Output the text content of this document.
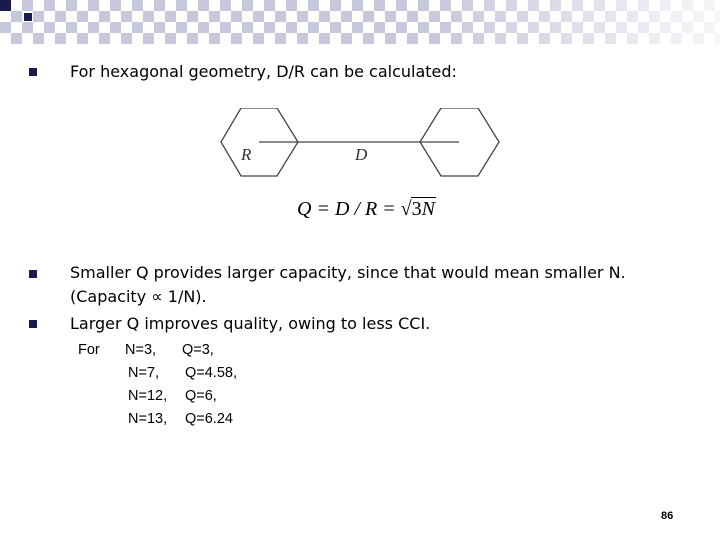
For hexagonal geometry, D/R can be calculated:
R	D
Q = D / R = √3N
Smaller Q provides larger capacity, since that would mean smaller N.
(Capacity ∝ 1/N).
Larger Q improves quality, owing to less CCI.
For N=3, Q=3,
N=7, Q=4.58,
N=12, Q=6,
N=13, Q=6.24
86
